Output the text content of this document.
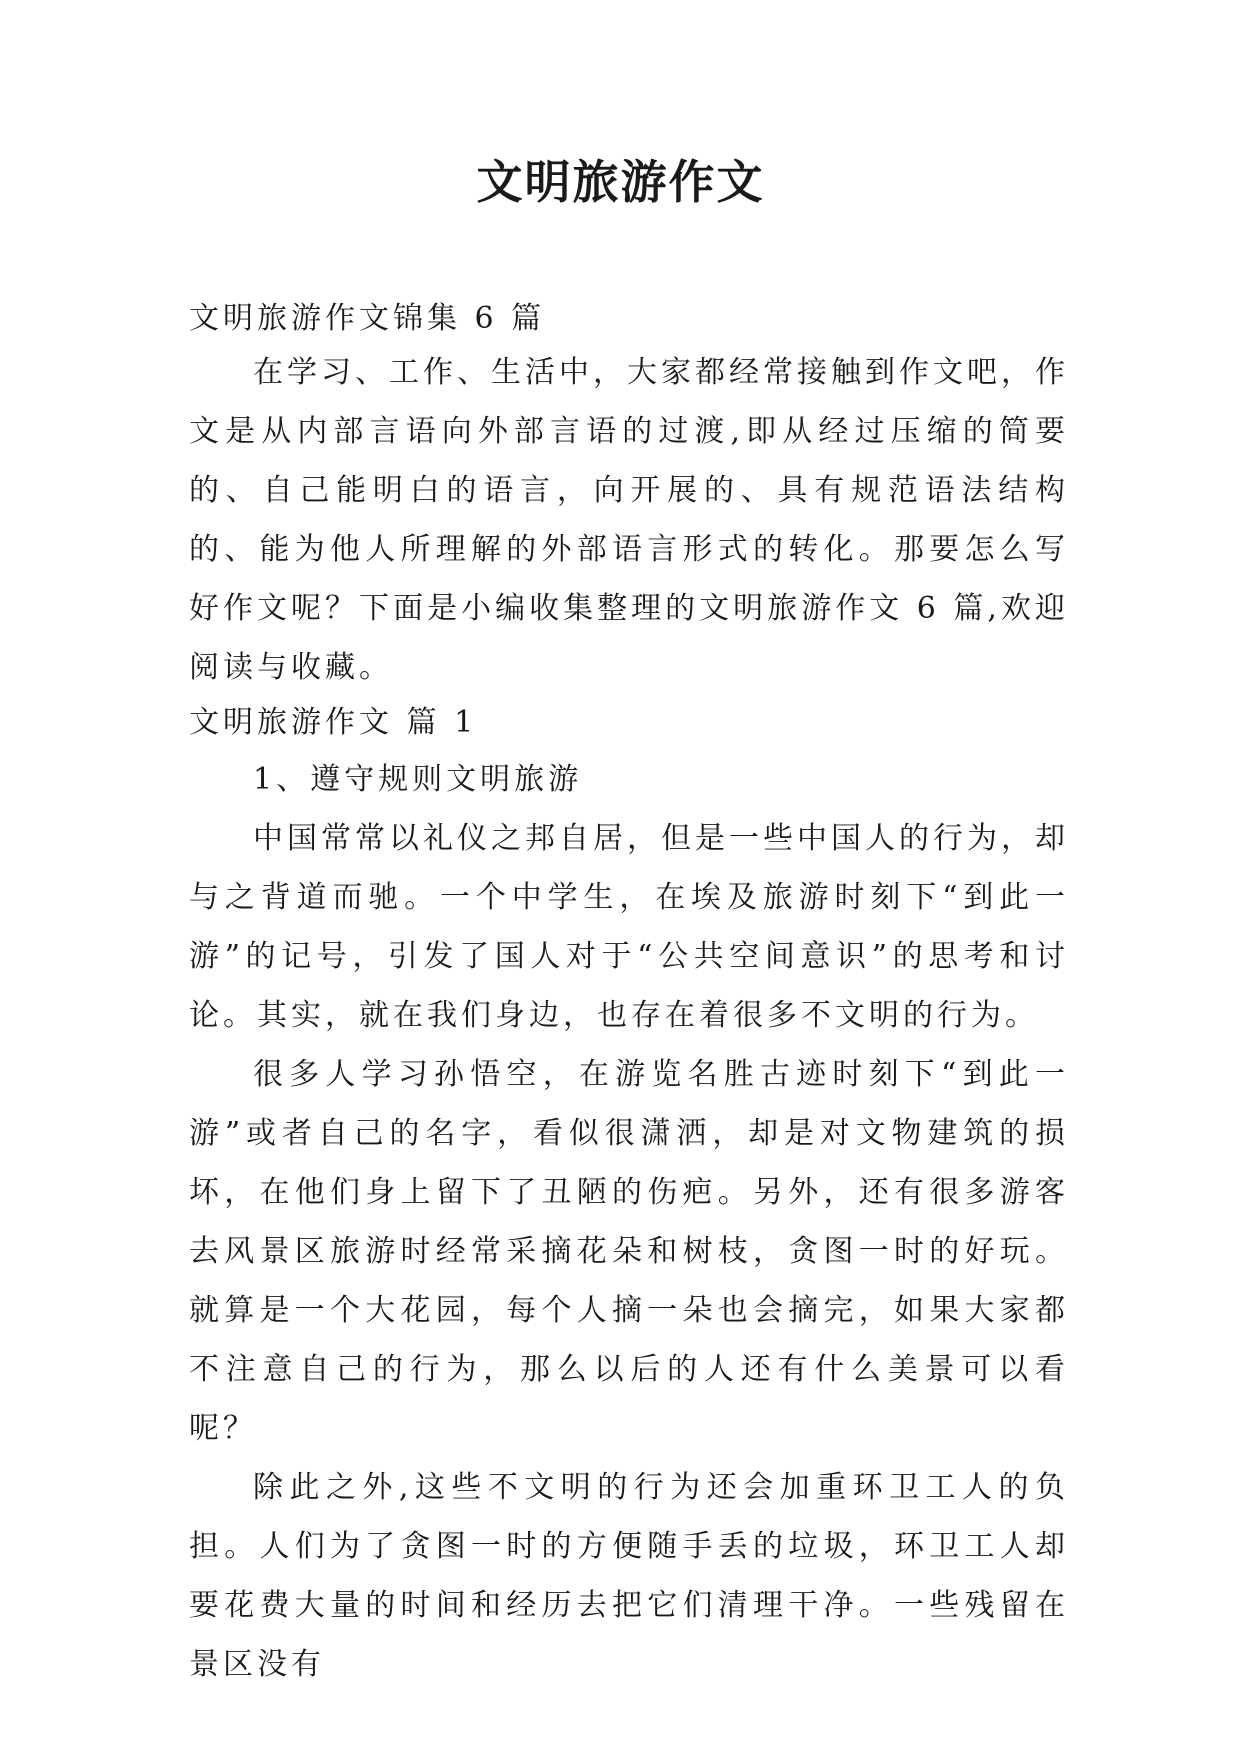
文明旅游作文

文明旅游作文锦集 6 篇

在学习、工作、生活中，大家都经常接触到作文吧，作文是从内部言语向外部言语的过渡,即从经过压缩的简要的、自己能明白的语言，向开展的、具有规范语法结构的、能为他人所理解的外部语言形式的转化。那要怎么写好作文呢？下面是小编收集整理的文明旅游作文 6 篇,欢迎阅读与收藏。

文明旅游作文 篇 1

1、遵守规则文明旅游

中国常常以礼仪之邦自居，但是一些中国人的行为，却与之背道而驰。一个中学生，在埃及旅游时刻下“到此一游”的记号，引发了国人对于“公共空间意识”的思考和讨论。其实，就在我们身边，也存在着很多不文明的行为。

很多人学习孙悟空，在游览名胜古迹时刻下“到此一游”或者自己的名字，看似很潇洒，却是对文物建筑的损坏，在他们身上留下了丑陋的伤疤。另外，还有很多游客去风景区旅游时经常采摘花朵和树枝，贪图一时的好玩。就算是一个大花园，每个人摘一朵也会摘完，如果大家都不注意自己的行为，那么以后的人还有什么美景可以看呢？

除此之外,这些不文明的行为还会加重环卫工人的负担。人们为了贪图一时的方便随手丢的垃圾，环卫工人却要花费大量的时间和经历去把它们清理干净。一些残留在景区没有
